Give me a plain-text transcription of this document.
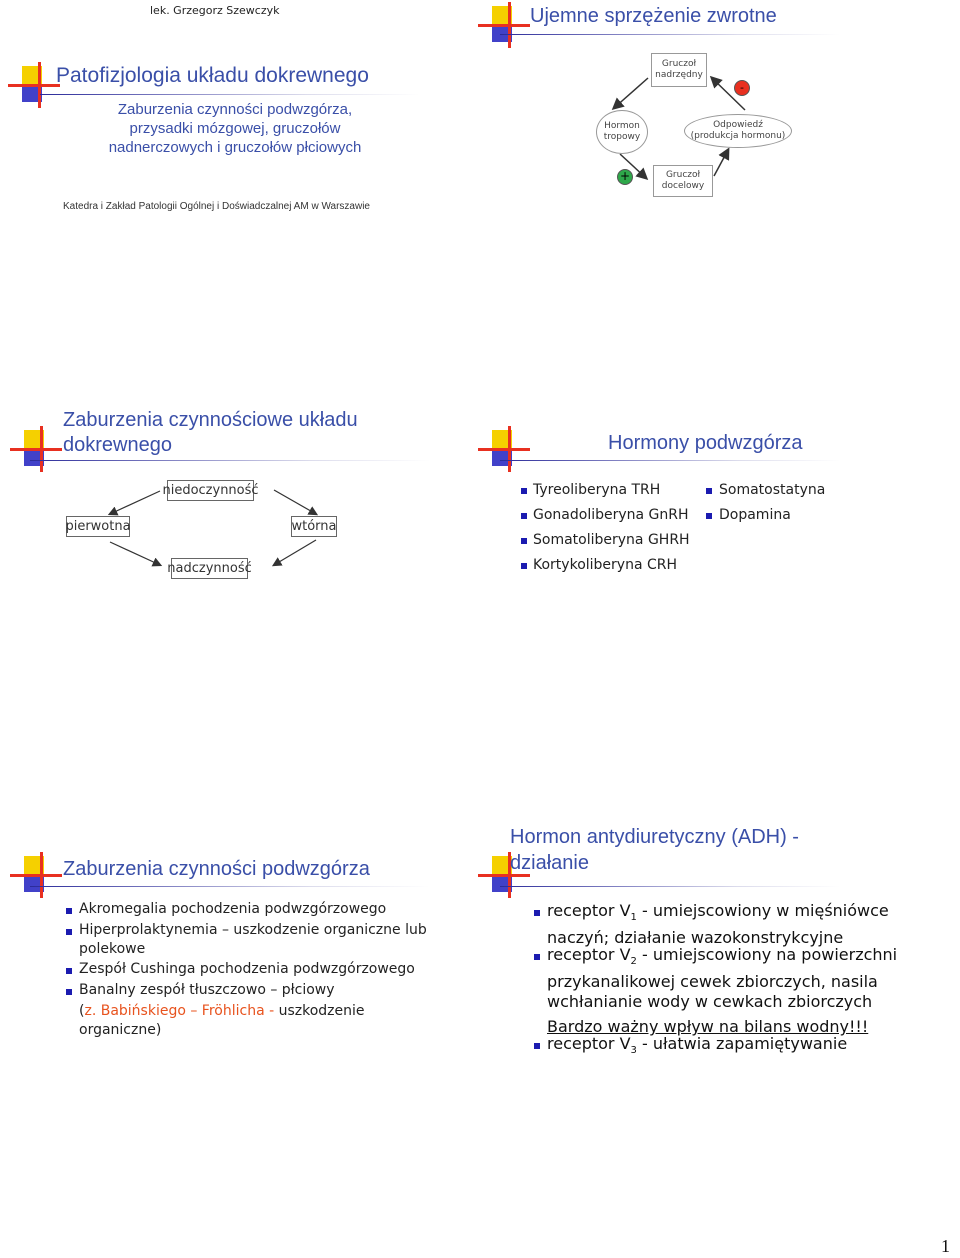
lek. Grzegorz Szewczyk
Patofizjologia układu dokrewnego
Zaburzenia czynności podwzgórza,
przysadki mózgowej, gruczołów
nadnerczowych i gruczołów płciowych
Katedra i Zakład Patologii Ogólnej i Doświadczalnej AM w Warszawie
Ujemne sprzężenie zwrotne
Gruczoł
nadrzędny
Hormon
tropowy
Odpowiedź
(produkcja hormonu)
Gruczoł
docelowy
-
+
Zaburzenia czynnościowe układu
dokrewnego
pierwotna
niedoczynność
wtórna
nadczynność
Hormony podwzgórza
Tyreoliberyna TRH
Gonadoliberyna GnRH
Somatoliberyna GHRH
Kortykoliberyna CRH
Somatostatyna
Dopamina
Zaburzenia czynności podwzgórza
Akromegalia pochodzenia podwzgórzowego
Hiperprolaktynemia – uszkodzenie organiczne lub
polekowe
Zespół Cushinga pochodzenia podwzgórzowego
Banalny zespół tłuszczowo – płciowy
(z. Babińskiego – Fröhlicha - uszkodzenie
organiczne)
Hormon antydiuretyczny (ADH) -
działanie
receptor $V_1$ - umiejscowiony w mięśniówce
naczyń; działanie wazokonstrykcyjne
receptor $V_2$ - umiejscowiony na powierzchni
przykanalikowej cewek zbiorczych, nasila
wchłanianie wody w cewkach zbiorczych
Bardzo ważny wpływ na bilans wodny!!!
receptor $V_3$ - ułatwia zapamiętywanie
1
